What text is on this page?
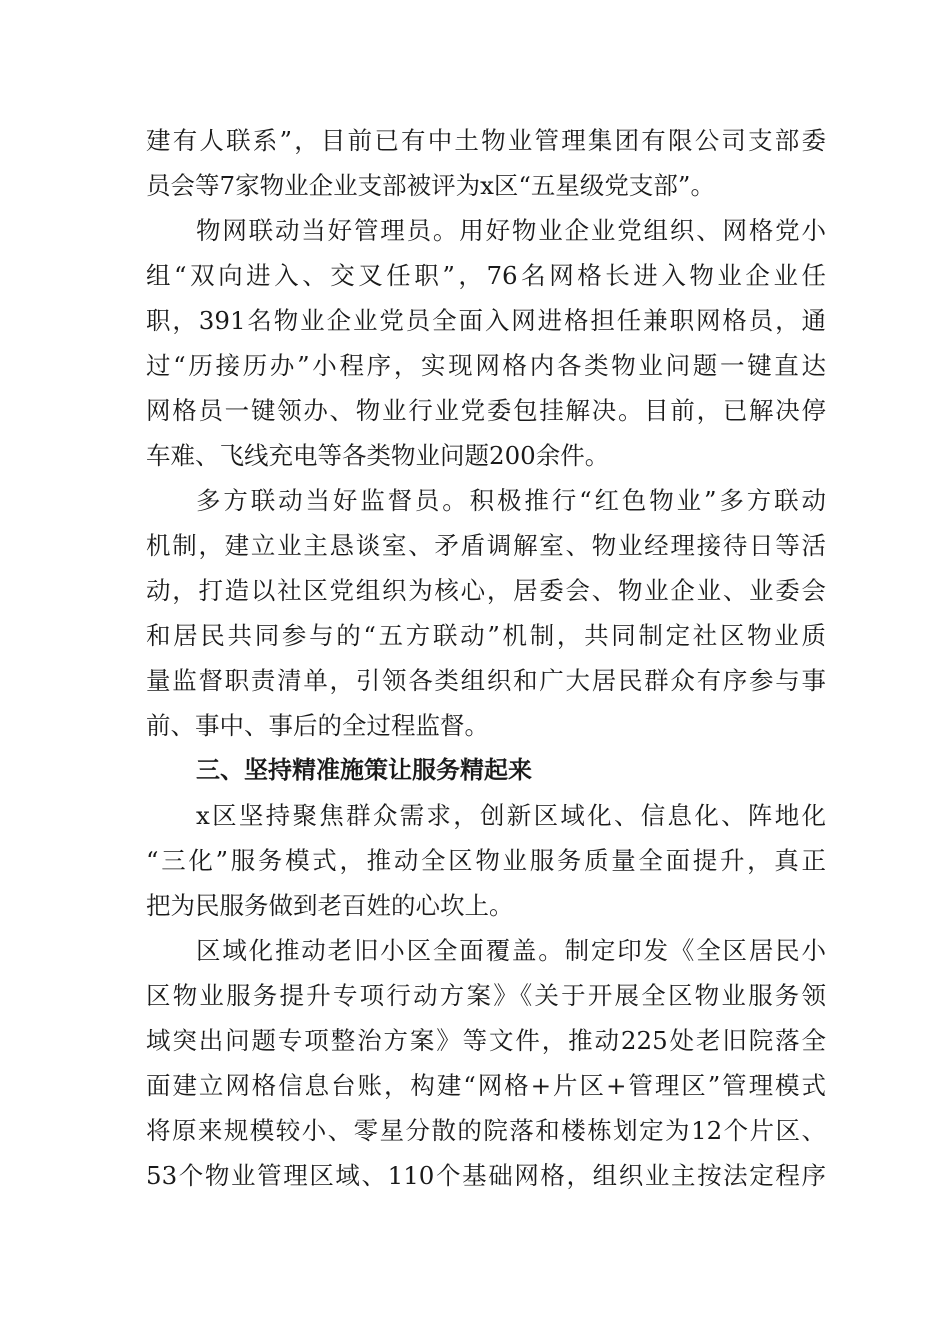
建有人联系”，目前已有中土物业管理集团有限公司支部委
员会等7家物业企业支部被评为x区“五星级党支部”。
物网联动当好管理员。用好物业企业党组织、网格党小
组“双向进入、交叉任职”，76名网格长进入物业企业任
职，391名物业企业党员全面入网进格担任兼职网格员，通
过“历接历办”小程序，实现网格内各类物业问题一键直达
网格员一键领办、物业行业党委包挂解决。目前，已解决停
车难、飞线充电等各类物业问题200余件。
多方联动当好监督员。积极推行“红色物业”多方联动
机制，建立业主恳谈室、矛盾调解室、物业经理接待日等活
动，打造以社区党组织为核心，居委会、物业企业、业委会
和居民共同参与的“五方联动”机制，共同制定社区物业质
量监督职责清单，引领各类组织和广大居民群众有序参与事
前、事中、事后的全过程监督。
三、坚持精准施策让服务精起来
x区坚持聚焦群众需求，创新区域化、信息化、阵地化
“三化”服务模式，推动全区物业服务质量全面提升，真正
把为民服务做到老百姓的心坎上。
区域化推动老旧小区全面覆盖。制定印发《全区居民小
区物业服务提升专项行动方案》《关于开展全区物业服务领
域突出问题专项整治方案》等文件，推动225处老旧院落全
面建立网格信息台账，构建“网格+片区+管理区”管理模式
将原来规模较小、零星分散的院落和楼栋划定为12个片区、
53个物业管理区域、110个基础网格，组织业主按法定程序
